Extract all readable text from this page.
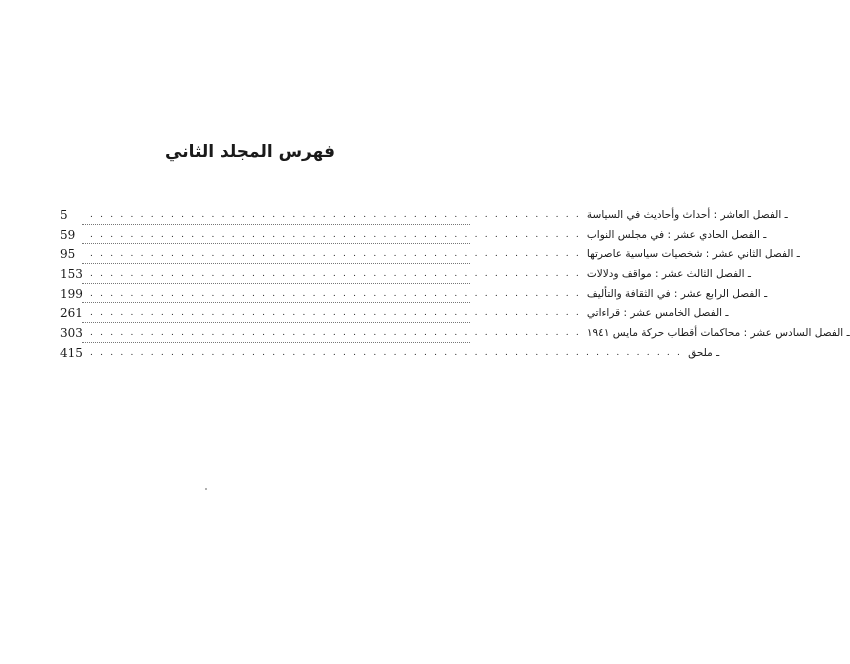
فهرس المجلد الثاني
5	. . . . . . . . . . . . . . . . . . . . . . . . . . . . . . . . . . . . . . . . . . . . . . . . . ـ الفصل العاشر : أحداث وأحاديث في السياسة
59	. . . . . . . . . . . . . . . . . . . . . . . . . . . . . . . . . . . . . . . . . . . . . . . . . ـ الفصل الحادي عشر : في مجلس النواب
95	. . . . . . . . . . . . . . . . . . . . . . . . . . . . . . . . . . . . . . . . . . . . . . . . . ـ الفصل الثاني عشر : شخصيات سياسية عاصرتها
153 . . . . . . . . . . . . . . . . . . . . . . . . . . . . . . . . . . . . . . . . . . . . . . . . . ـ الفصل الثالث عشر : مواقف ودلالات
199 . . . . . . . . . . . . . . . . . . . . . . . . . . . . . . . . . . . . . . . . . . . . . . . . . ـ الفصل الرابع عشر : في الثقافة والتأليف
261 . . . . . . . . . . . . . . . . . . . . . . . . . . . . . . . . . . . . . . . . . . . . . . . . . ـ الفصل الخامس عشر : قراءاتي
303 . . . . . . . . . . . . . . . . . . . . . . . . . . . . . . . . . . . . . . . . . . . . . . . . . ـ الفصل السادس عشر : محاكمات أقطاب حركة مايس ١٩٤١
415 . . . . . . . . . . . . . . . . . . . . . . . . . . . . . . . . . . . . . . . . . . . . . . . . . . . . . . . . . . . ـ ملحق
